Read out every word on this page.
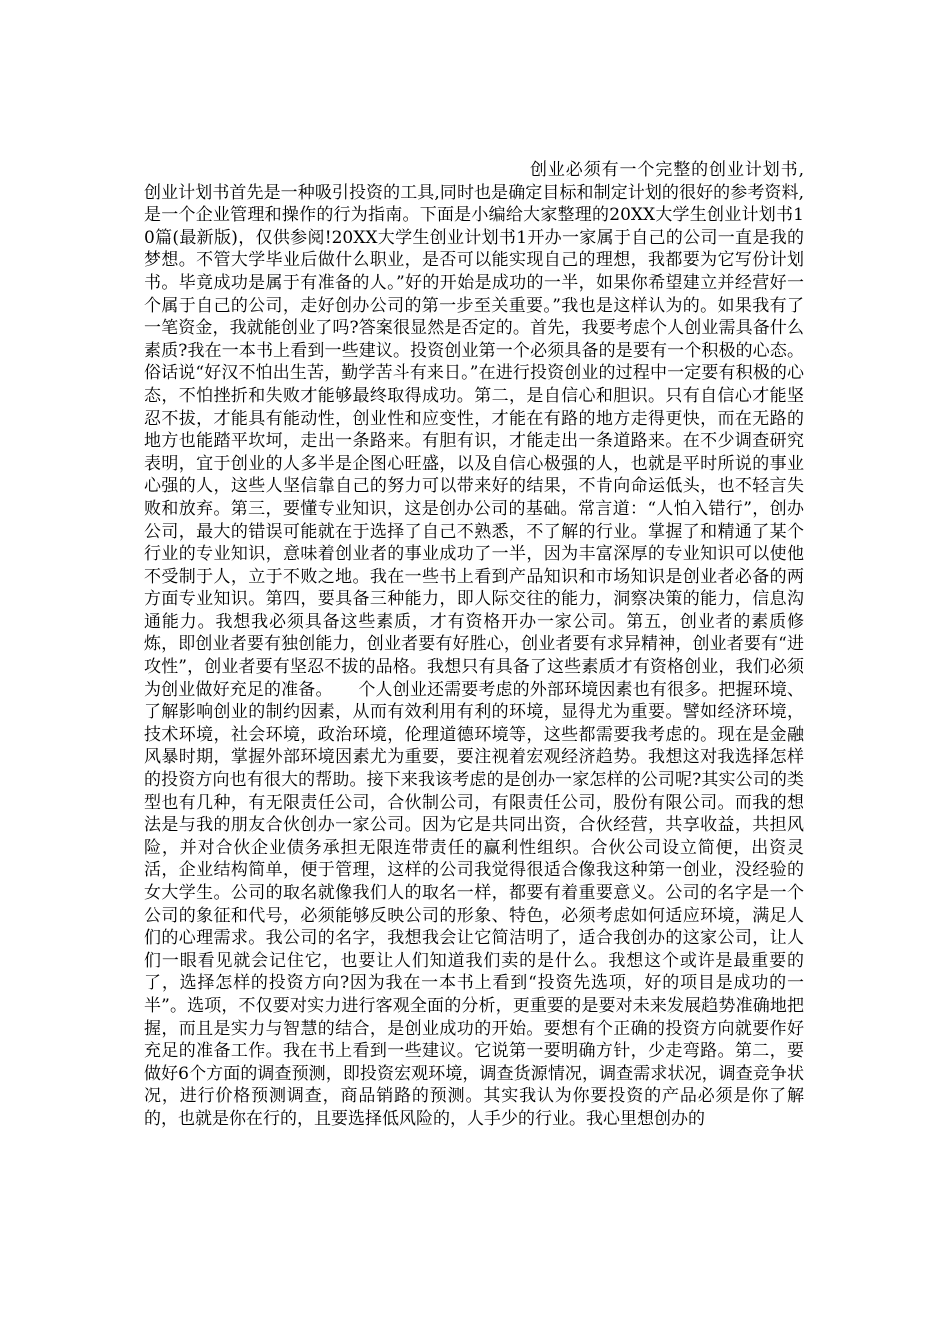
创业必须有一个完整的创业计划书,创业计划书首先是一种吸引投资的工具,同时也是确定目标和制定计划的很好的参考资料,是一个企业管理和操作的行为指南。下面是小编给大家整理的20XX大学生创业计划书10篇(最新版)，仅供参阅!20XX大学生创业计划书1开办一家属于自己的公司一直是我的梦想。不管大学毕业后做什么职业，是否可以能实现自己的理想，我都要为它写份计划书。毕竟成功是属于有准备的人。”好的开始是成功的一半，如果你希望建立并经营好一个属于自己的公司，走好创办公司的第一步至关重要。”我也是这样认为的。如果我有了一笔资金，我就能创业了吗?答案很显然是否定的。首先，我要考虑个人创业需具备什么素质?我在一本书上看到一些建议。投资创业第一个必须具备的是要有一个积极的心态。俗话说“好汉不怕出生苦，勤学苦斗有来日。”在进行投资创业的过程中一定要有积极的心态，不怕挫折和失败才能够最终取得成功。第二，是自信心和胆识。只有自信心才能坚忍不拔，才能具有能动性，创业性和应变性，才能在有路的地方走得更快，而在无路的地方也能踏平坎坷，走出一条路来。有胆有识，才能走出一条道路来。在不少调查研究表明，宜于创业的人多半是企图心旺盛，以及自信心极强的人，也就是平时所说的事业心强的人，这些人坚信靠自己的努力可以带来好的结果，不肯向命运低头，也不轻言失败和放弃。第三，要懂专业知识，这是创办公司的基础。常言道：“人怕入错行”，创办公司，最大的错误可能就在于选择了自己不熟悉，不了解的行业。掌握了和精通了某个行业的专业知识，意味着创业者的事业成功了一半，因为丰富深厚的专业知识可以使他不受制于人，立于不败之地。我在一些书上看到产品知识和市场知识是创业者必备的两方面专业知识。第四，要具备三种能力，即人际交往的能力，洞察决策的能力，信息沟通能力。我想我必须具备这些素质，才有资格开办一家公司。第五，创业者的素质修炼，即创业者要有独创能力，创业者要有好胜心，创业者要有求异精神，创业者要有“进攻性”，创业者要有坚忍不拔的品格。我想只有具备了这些素质才有资格创业，我们必须为创业做好充足的准备。　　个人创业还需要考虑的外部环境因素也有很多。把握环境、了解影响创业的制约因素，从而有效利用有利的环境，显得尤为重要。譬如经济环境，技术环境，社会环境，政治环境，伦理道德环境等，这些都需要我考虑的。现在是金融风暴时期，掌握外部环境因素尤为重要，要注视着宏观经济趋势。我想这对我选择怎样的投资方向也有很大的帮助。接下来我该考虑的是创办一家怎样的公司呢?其实公司的类型也有几种，有无限责任公司，合伙制公司，有限责任公司，股份有限公司。而我的想法是与我的朋友合伙创办一家公司。因为它是共同出资，合伙经营，共享收益，共担风险，并对合伙企业债务承担无限连带责任的赢利性组织。合伙公司设立简便，出资灵活，企业结构简单，便于管理，这样的公司我觉得很适合像我这种第一创业，没经验的女大学生。公司的取名就像我们人的取名一样，都要有着重要意义。公司的名字是一个公司的象征和代号，必须能够反映公司的形象、特色，必须考虑如何适应环境，满足人们的心理需求。我公司的名字，我想我会让它简洁明了，适合我创办的这家公司，让人们一眼看见就会记住它，也要让人们知道我们卖的是什么。我想这个或许是最重要的了，选择怎样的投资方向?因为我在一本书上看到“投资先选项，好的项目是成功的一半”。选项，不仅要对实力进行客观全面的分析，更重要的是要对未来发展趋势准确地把握，而且是实力与智慧的结合，是创业成功的开始。要想有个正确的投资方向就要作好充足的准备工作。我在书上看到一些建议。它说第一要明确方针，少走弯路。第二，要做好6个方面的调查预测，即投资宏观环境，调查货源情况，调查需求状况，调查竞争状况，进行价格预测调查，商品销路的预测。其实我认为你要投资的产品必须是你了解的，也就是你在行的，且要选择低风险的，人手少的行业。我心里想创办的
